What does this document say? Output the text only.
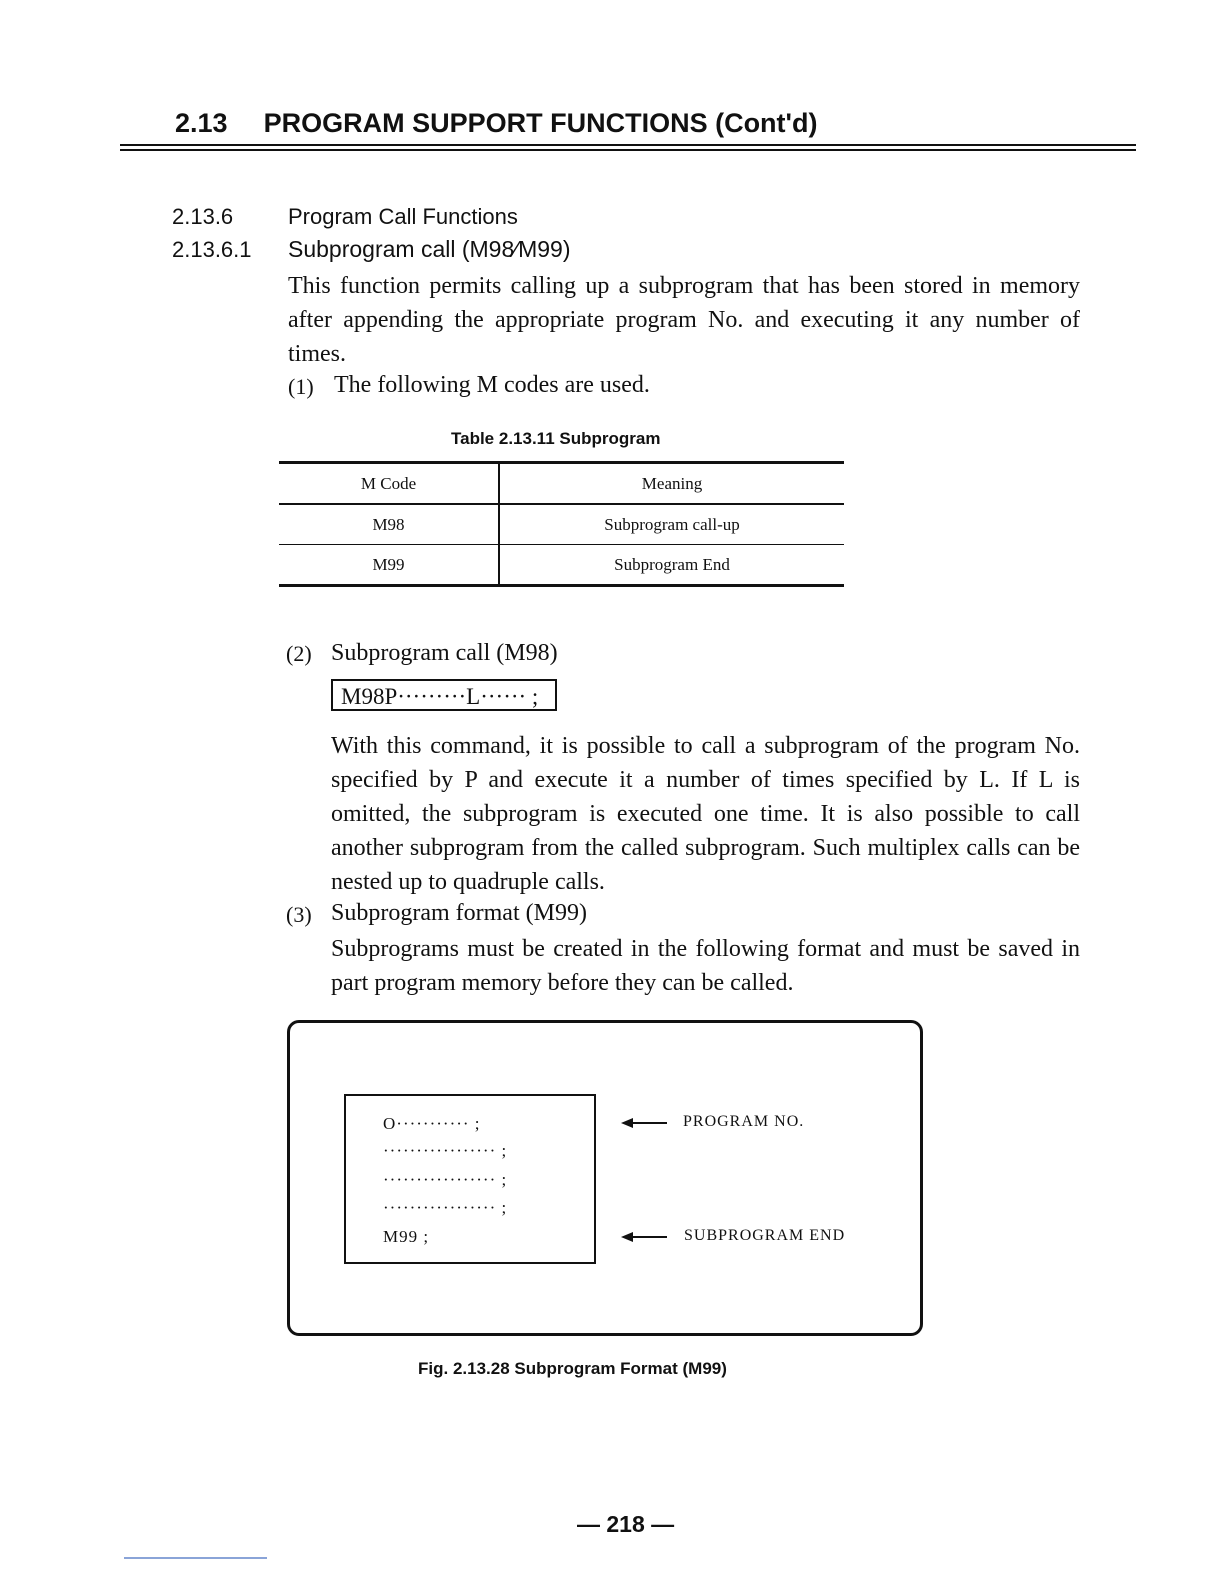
2.13 PROGRAM SUPPORT FUNCTIONS (Cont'd)
2.13.6 Program Call Functions
2.13.6.1 Subprogram call (M98⁄M99)
This function permits calling up a subprogram that has been stored in memory after appending the appropriate program No. and executing it any number of times.
(1) The following M codes are used.
Table 2.13.11 Subprogram
M Code	Meaning
M98	Subprogram call-up
M99	Subprogram End
(2) Subprogram call (M98)
M98P·········L······ ;
With this command, it is possible to call a subprogram of the program No. specified by P and execute it a number of times specified by L. If L is omitted, the subprogram is executed one time. It is also possible to call another subprogram from the called subprogram. Such multiplex calls can be nested up to quadruple calls.
(3) Subprogram format (M99)
Subprograms must be created in the following format and must be saved in part program memory before they can be called.
O··········· ;
················· ;
················· ;
················· ;
M99 ;
PROGRAM NO.
SUBPROGRAM END
Fig. 2.13.28 Subprogram Format (M99)
— 218 —
